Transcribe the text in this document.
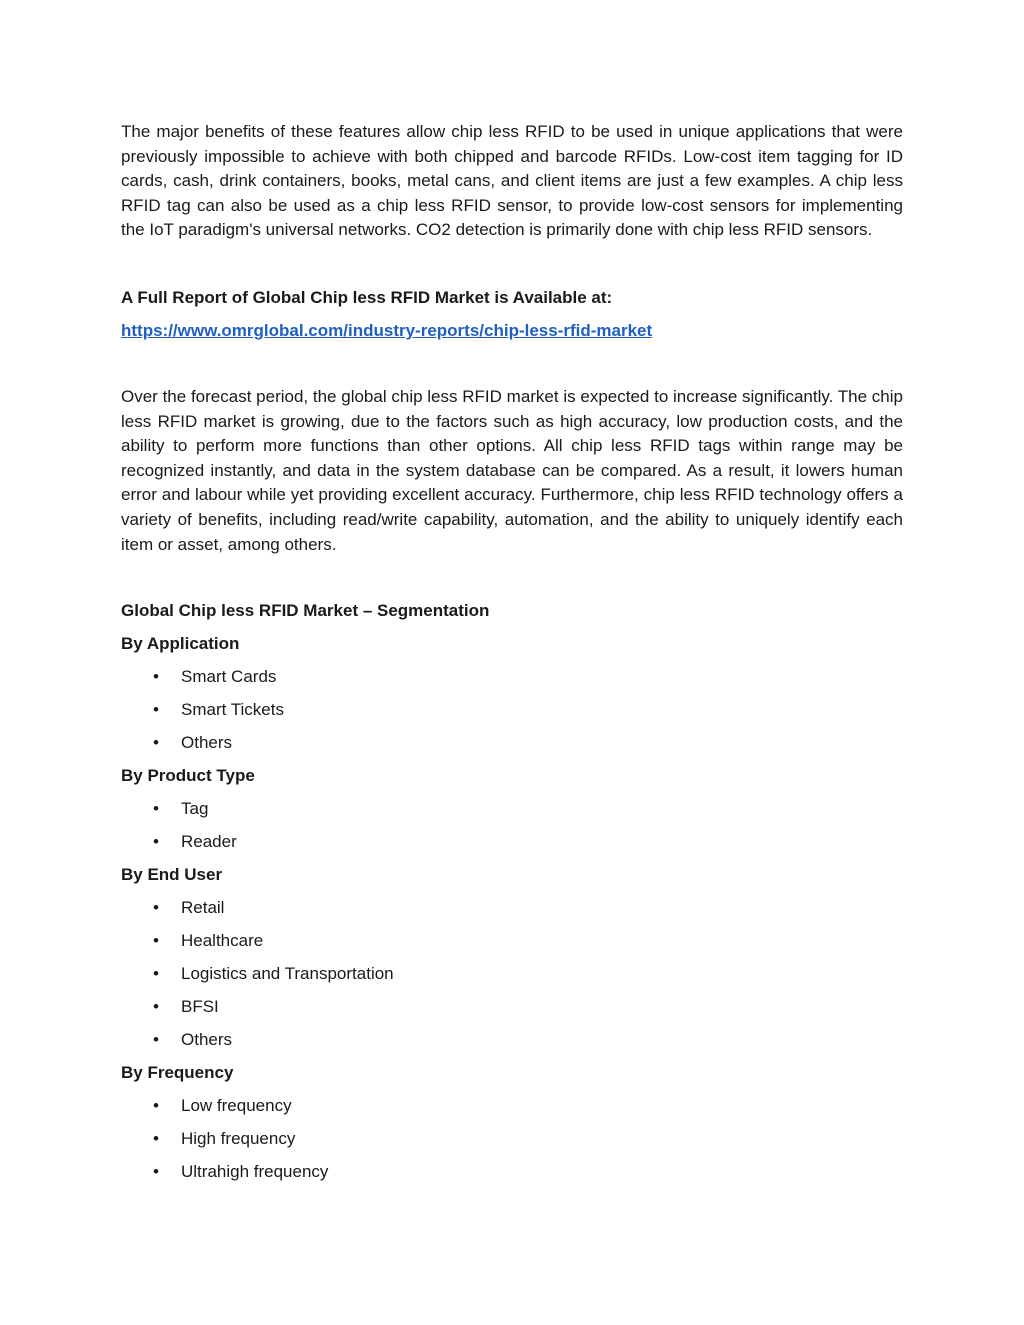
The major benefits of these features allow chip less RFID to be used in unique applications that were previously impossible to achieve with both chipped and barcode RFIDs. Low-cost item tagging for ID cards, cash, drink containers, books, metal cans, and client items are just a few examples. A chip less RFID tag can also be used as a chip less RFID sensor, to provide low-cost sensors for implementing the IoT paradigm's universal networks. CO2 detection is primarily done with chip less RFID sensors.

A Full Report of Global Chip less RFID Market is Available at:

https://www.omrglobal.com/industry-reports/chip-less-rfid-market

Over the forecast period, the global chip less RFID market is expected to increase significantly. The chip less RFID market is growing, due to the factors such as high accuracy, low production costs, and the ability to perform more functions than other options. All chip less RFID tags within range may be recognized instantly, and data in the system database can be compared. As a result, it lowers human error and labour while yet providing excellent accuracy. Furthermore, chip less RFID technology offers a variety of benefits, including read/write capability, automation, and the ability to uniquely identify each item or asset, among others.

Global Chip less RFID Market – Segmentation

By Application

• Smart Cards
• Smart Tickets
• Others

By Product Type

• Tag
• Reader

By End User

• Retail
• Healthcare
• Logistics and Transportation
• BFSI
• Others

By Frequency

• Low frequency
• High frequency
• Ultrahigh frequency
